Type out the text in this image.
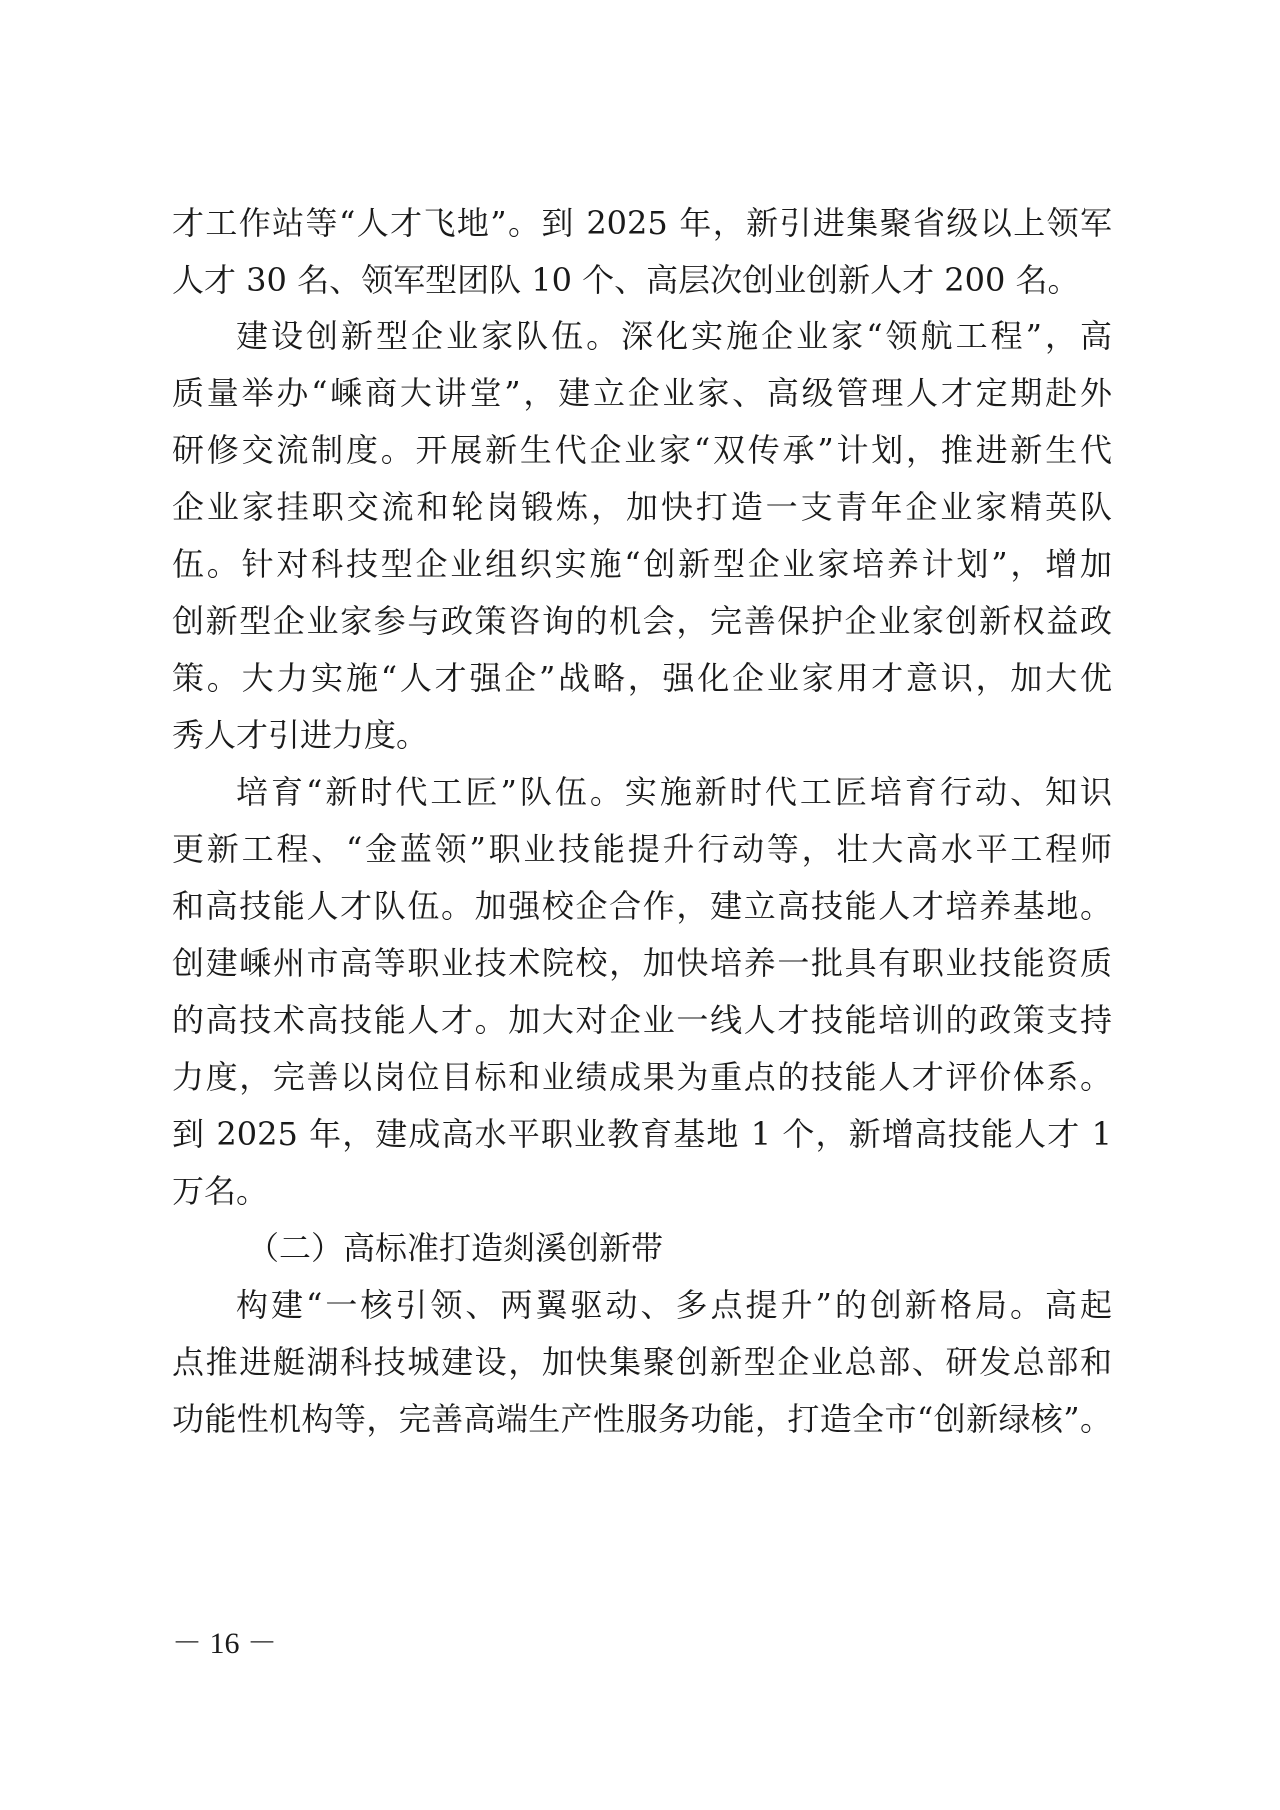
才工作站等“人才飞地”。到 2025 年，新引进集聚省级以上领军
人才 30 名、领军型团队 10 个、高层次创业创新人才 200 名。
建设创新型企业家队伍。深化实施企业家“领航工程”，高
质量举办“嵊商大讲堂”，建立企业家、高级管理人才定期赴外
研修交流制度。开展新生代企业家“双传承”计划，推进新生代
企业家挂职交流和轮岗锻炼，加快打造一支青年企业家精英队
伍。针对科技型企业组织实施“创新型企业家培养计划”，增加
创新型企业家参与政策咨询的机会，完善保护企业家创新权益政
策。大力实施“人才强企”战略，强化企业家用才意识，加大优
秀人才引进力度。
培育“新时代工匠”队伍。实施新时代工匠培育行动、知识
更新工程、“金蓝领”职业技能提升行动等，壮大高水平工程师
和高技能人才队伍。加强校企合作，建立高技能人才培养基地。
创建嵊州市高等职业技术院校，加快培养一批具有职业技能资质
的高技术高技能人才。加大对企业一线人才技能培训的政策支持
力度，完善以岗位目标和业绩成果为重点的技能人才评价体系。
到 2025 年，建成高水平职业教育基地 1 个，新增高技能人才 1
万名。
（二）高标准打造剡溪创新带
构建“一核引领、两翼驱动、多点提升”的创新格局。高起
点推进艇湖科技城建设，加快集聚创新型企业总部、研发总部和
功能性机构等，完善高端生产性服务功能，打造全市“创新绿核”。
－ 16 －
